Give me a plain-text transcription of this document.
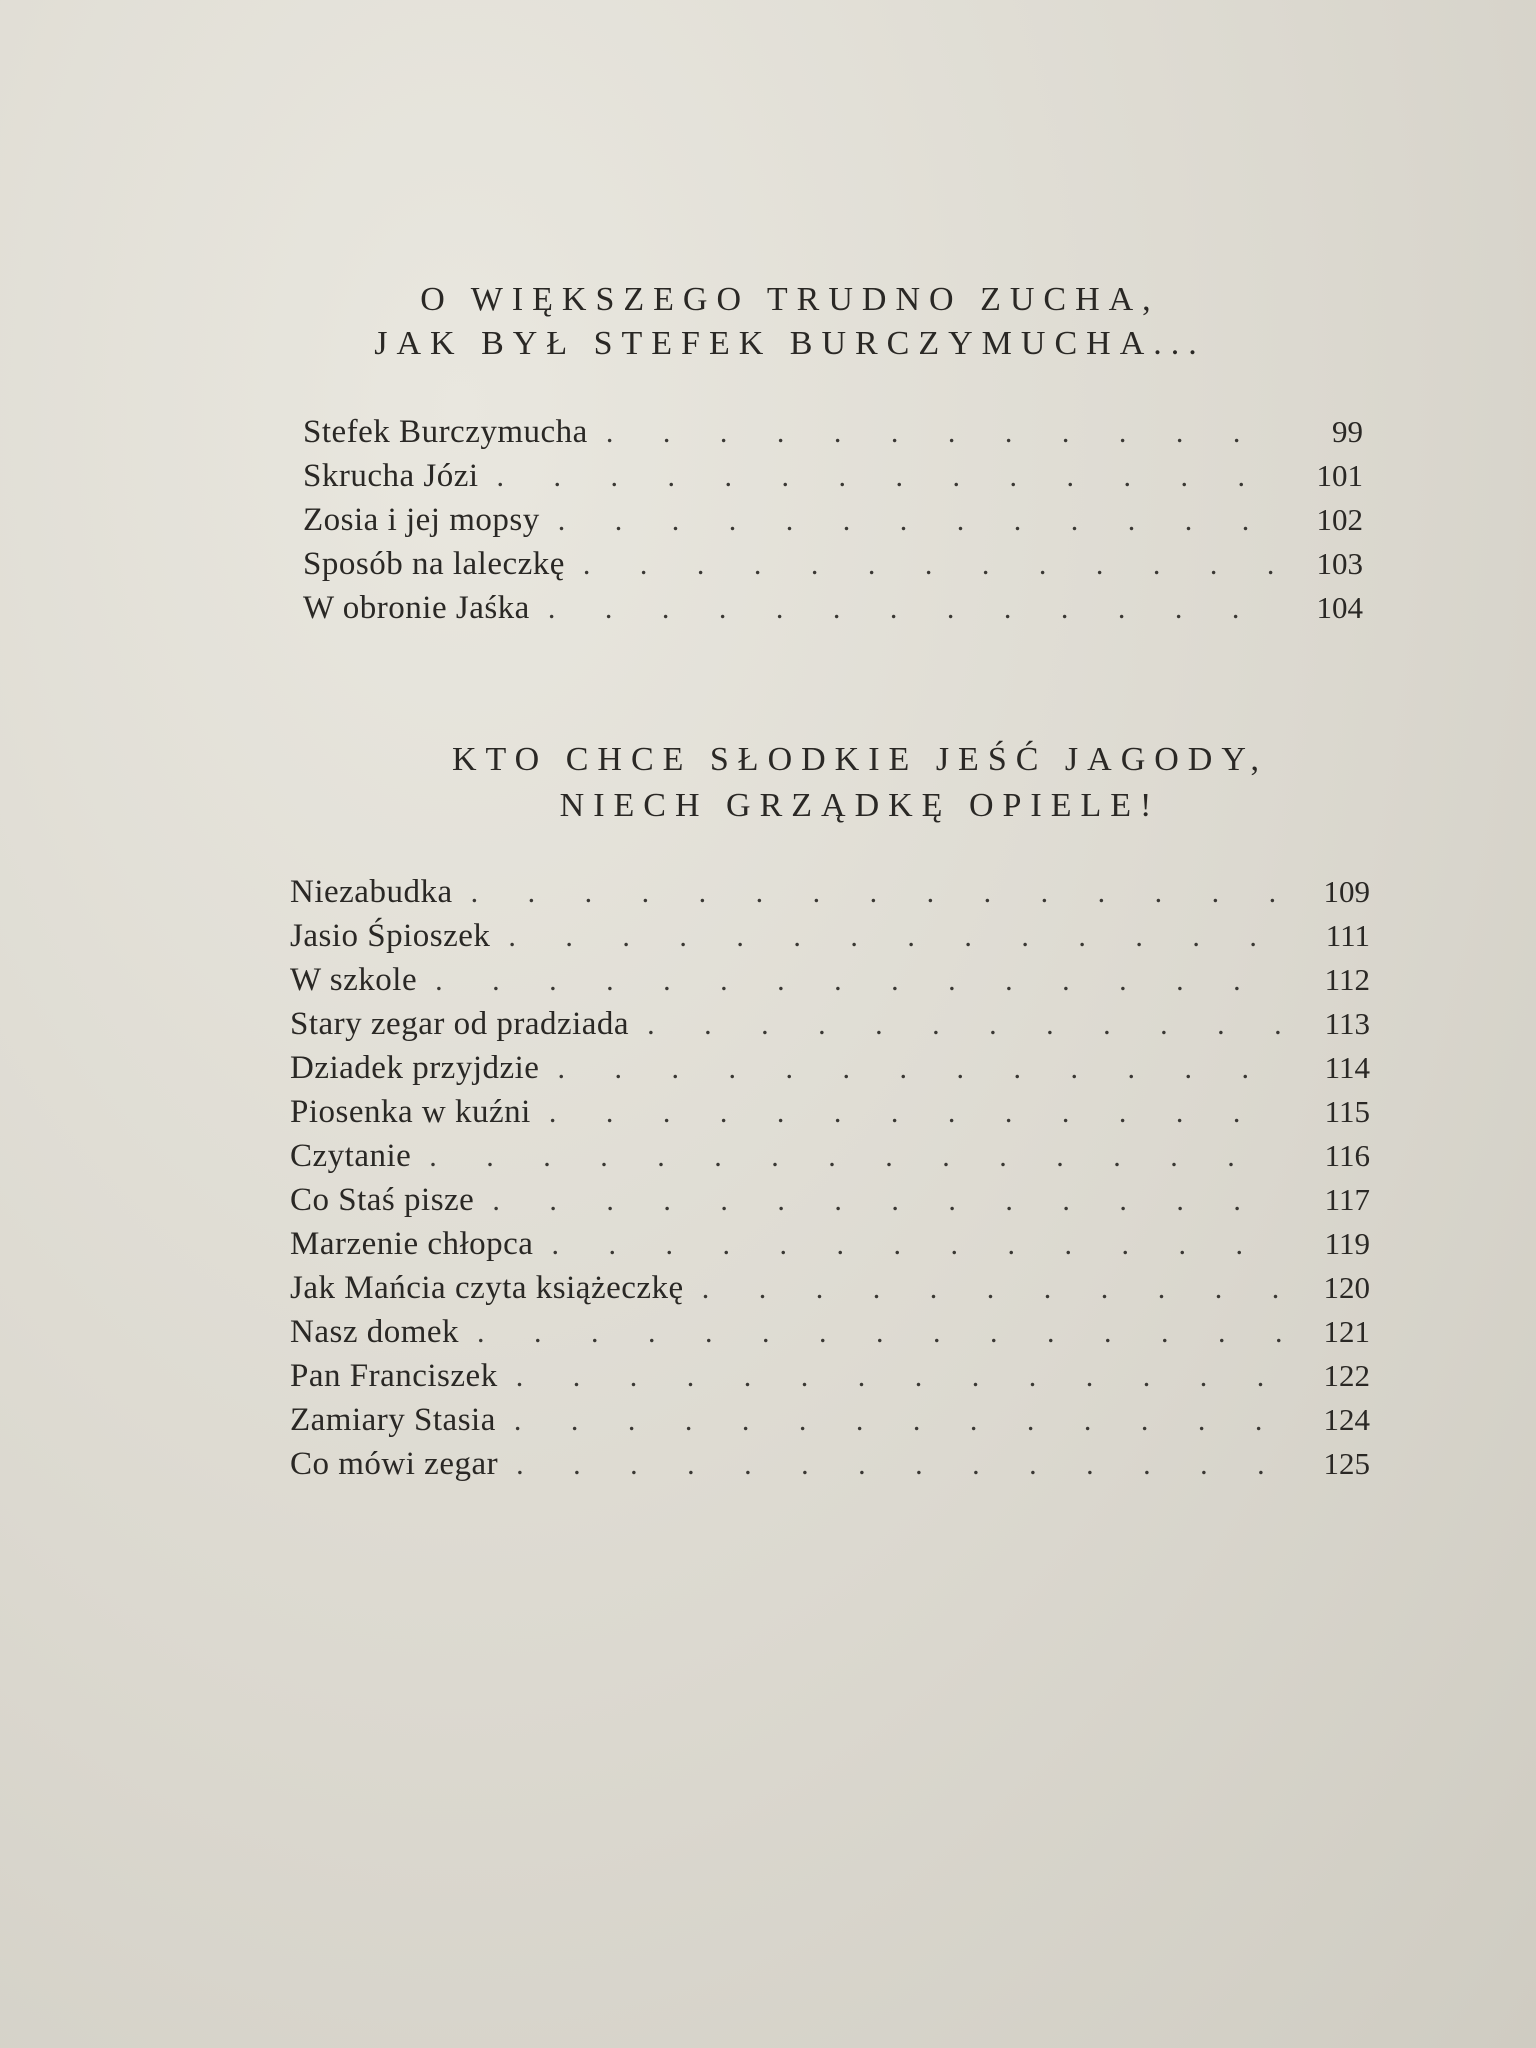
O WIĘKSZEGO TRUDNO ZUCHA,
JAK BYŁ STEFEK BURCZYMUCHA...
Stefek Burczymucha . . .	99
Skrucha Józi . . .	101
Zosia i jej mopsy . . .	102
Sposób na laleczkę . . .	103
W obronie Jaśka . . .	104
KTO CHCE SŁODKIE JEŚĆ JAGODY,
NIECH GRZĄDKĘ OPIELE!
Niezabudka . . .	109
Jasio Śpioszek . . .	111
W szkole . . .	112
Stary zegar od pradziada . . .	113
Dziadek przyjdzie . . .	114
Piosenka w kuźni . . .	115
Czytanie . . .	116
Co Staś pisze . . .	117
Marzenie chłopca . . .	119
Jak Mańcia czyta książeczkę . . .	120
Nasz domek . . .	121
Pan Franciszek . . .	122
Zamiary Stasia . . .	124
Co mówi zegar . . .	125
